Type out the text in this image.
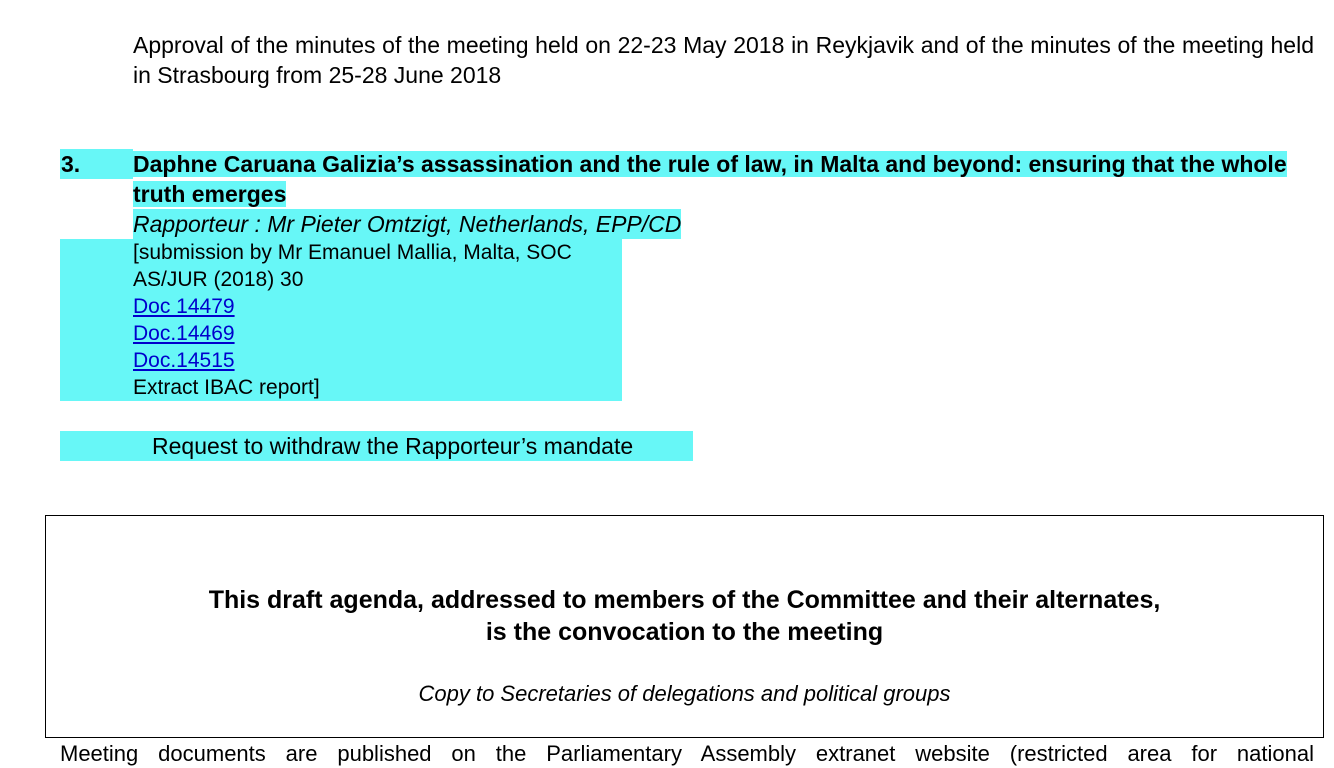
Approval of the minutes of the meeting held on 22-23 May 2018 in Reykjavik and of the minutes of the meeting held in Strasbourg from 25-28 June 2018
3. Daphne Caruana Galizia’s assassination and the rule of law, in Malta and beyond: ensuring that the whole truth emerges
Rapporteur : Mr Pieter Omtzigt, Netherlands, EPP/CD
[submission by Mr Emanuel Mallia, Malta, SOC
AS/JUR (2018) 30
Doc 14479
Doc.14469
Doc.14515
Extract IBAC report]
Request to withdraw the Rapporteur’s mandate
This draft agenda, addressed to members of the Committee and their alternates,
is the convocation to the meeting
Copy to Secretaries of delegations and political groups
Meeting documents are published on the Parliamentary Assembly extranet website (restricted area for national
